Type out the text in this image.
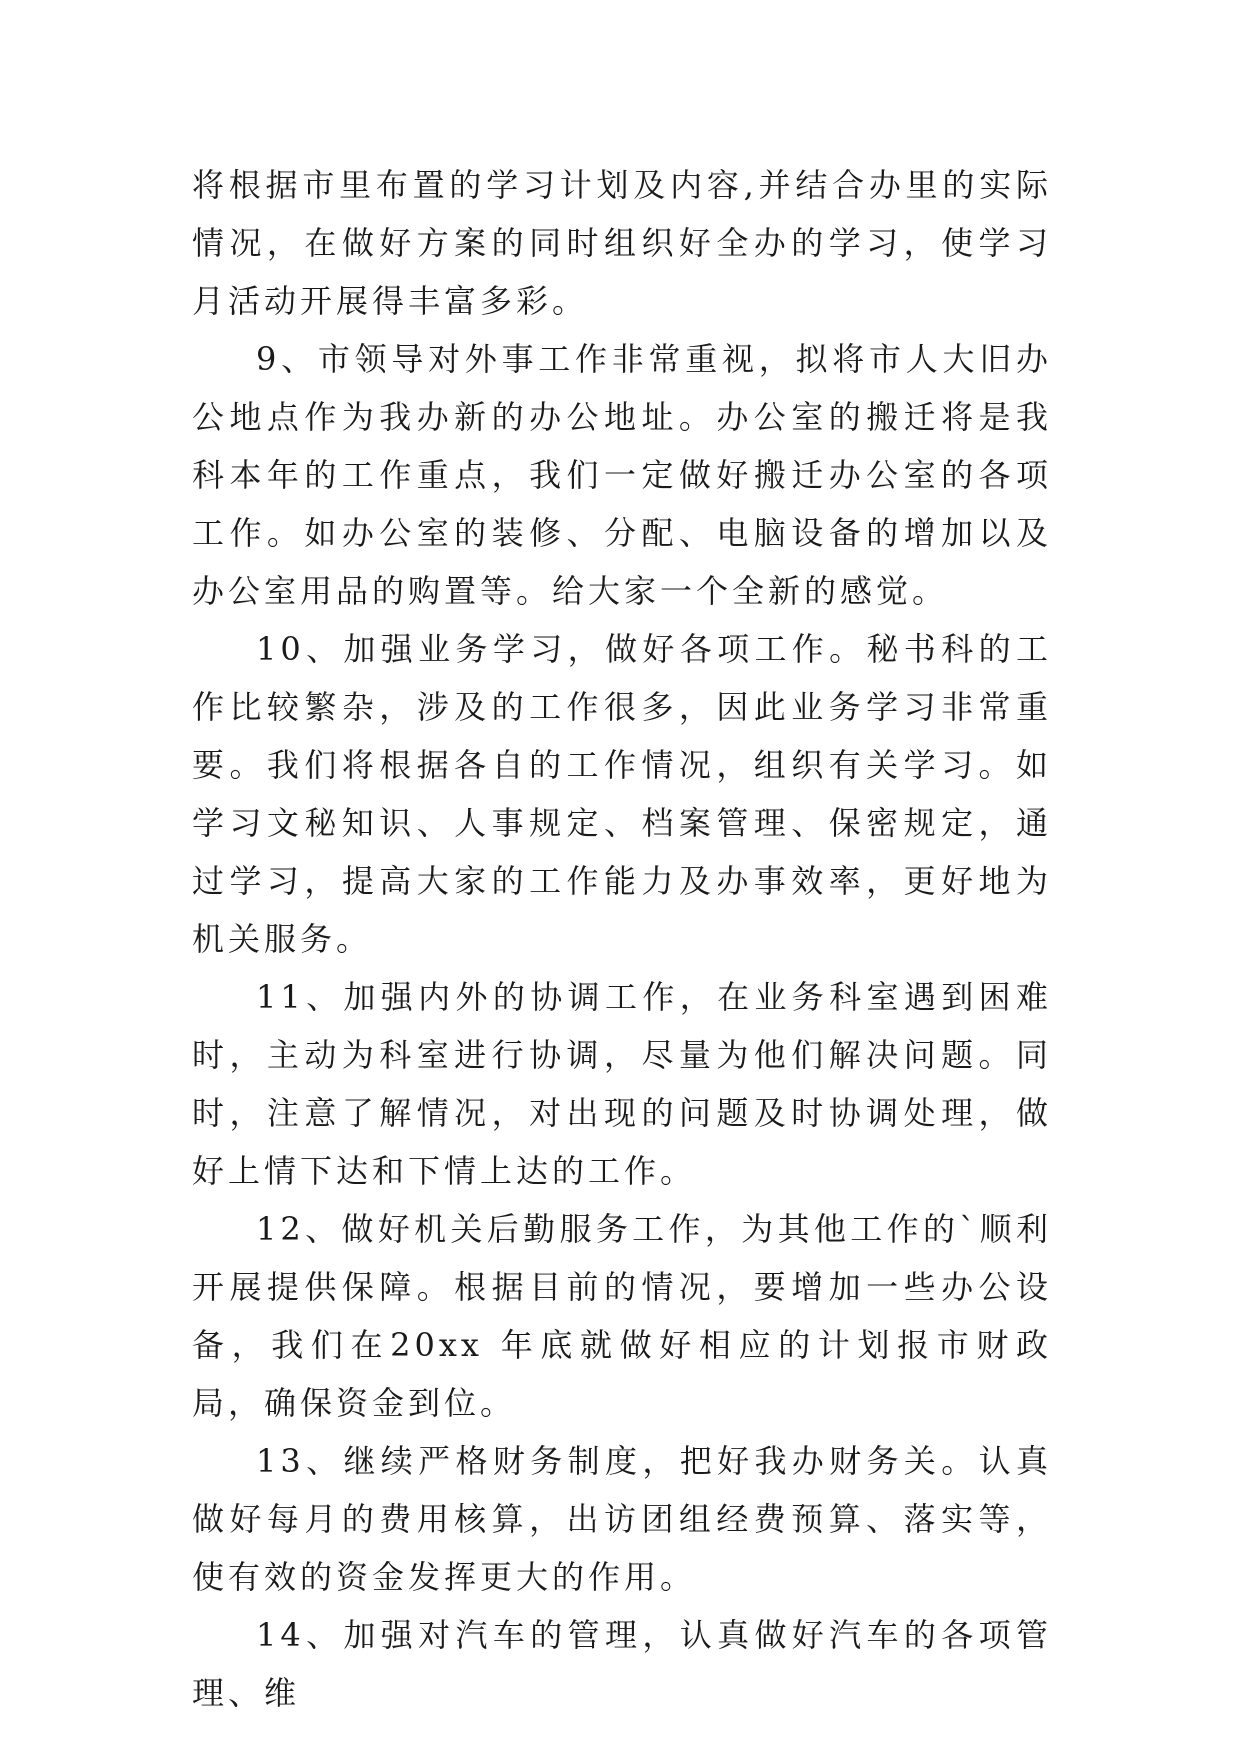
将根据市里布置的学习计划及内容,并结合办里的实际情况，在做好方案的同时组织好全办的学习，使学习月活动开展得丰富多彩。

9、市领导对外事工作非常重视，拟将市人大旧办公地点作为我办新的办公地址。办公室的搬迁将是我科本年的工作重点，我们一定做好搬迁办公室的各项工作。如办公室的装修、分配、电脑设备的增加以及办公室用品的购置等。给大家一个全新的感觉。

10、加强业务学习，做好各项工作。秘书科的工作比较繁杂，涉及的工作很多，因此业务学习非常重要。我们将根据各自的工作情况，组织有关学习。如学习文秘知识、人事规定、档案管理、保密规定，通过学习，提高大家的工作能力及办事效率，更好地为机关服务。

11、加强内外的协调工作，在业务科室遇到困难时，主动为科室进行协调，尽量为他们解决问题。同时，注意了解情况，对出现的问题及时协调处理，做好上情下达和下情上达的工作。

12、做好机关后勤服务工作，为其他工作的`顺利开展提供保障。根据目前的情况，要增加一些办公设备，我们在20xx 年底就做好相应的计划报市财政局，确保资金到位。

13、继续严格财务制度，把好我办财务关。认真做好每月的费用核算，出访团组经费预算、落实等，使有效的资金发挥更大的作用。

14、加强对汽车的管理，认真做好汽车的各项管理、维
